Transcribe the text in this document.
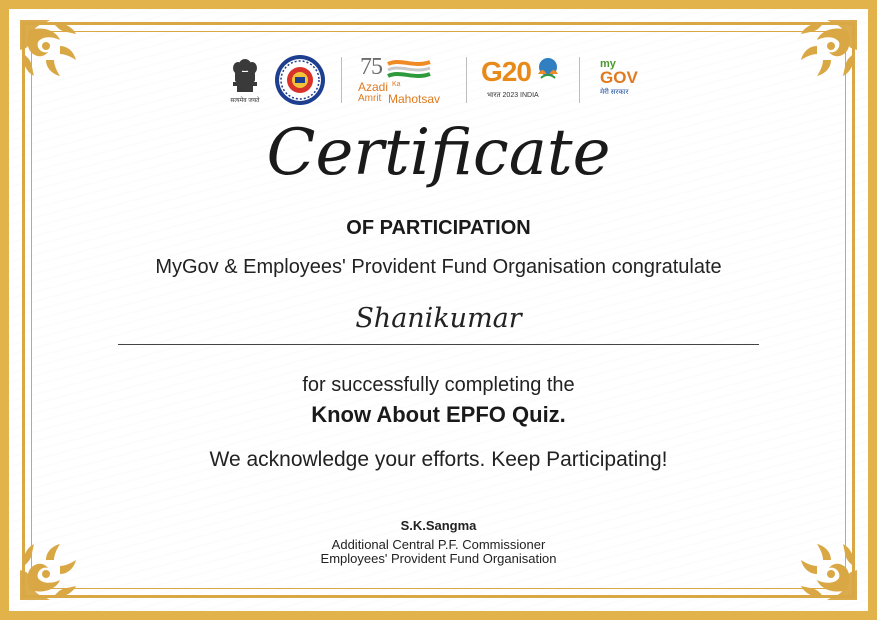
सत्यमेव जयते
75
Azadi Ka
Amrit Mahotsav
G20
भारत 2023 INDIA
my
GOV
मेरी सरकार
Certificate
OF PARTICIPATION
MyGov & Employees' Provident Fund Organisation congratulate
Shanikumar
for successfully completing the
Know About EPFO Quiz.
We acknowledge your efforts. Keep Participating!
S.K.Sangma
Additional Central P.F. Commissioner
Employees' Provident Fund Organisation
